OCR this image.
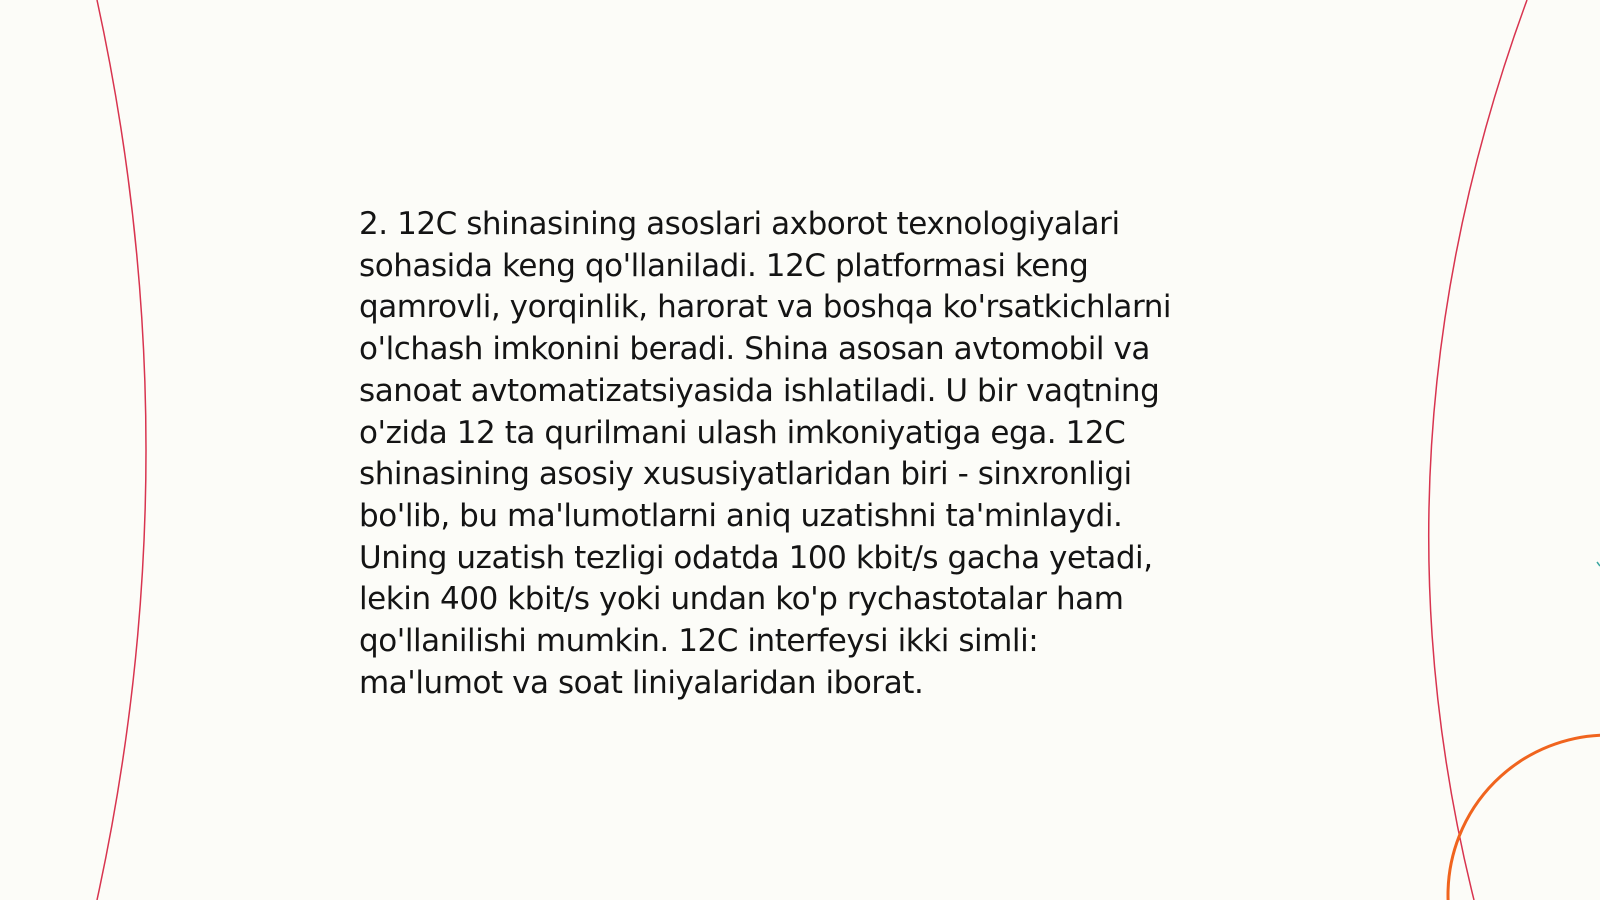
2. 12C shinasining asoslari axborot texnologiyalari
sohasida keng qo'llaniladi. 12C platformasi keng
qamrovli, yorqinlik, harorat va boshqa ko'rsatkichlarni
o'lchash imkonini beradi. Shina asosan avtomobil va
sanoat avtomatizatsiyasida ishlatiladi. U bir vaqtning
o'zida 12 ta qurilmani ulash imkoniyatiga ega. 12C
shinasining asosiy xususiyatlaridan biri - sinxronligi
bo'lib, bu ma'lumotlarni aniq uzatishni ta'minlaydi.
Uning uzatish tezligi odatda 100 kbit/s gacha yetadi,
lekin 400 kbit/s yoki undan ko'p rychastotalar ham
qo'llanilishi mumkin. 12C interfeysi ikki simli:
ma'lumot va soat liniyalaridan iborat.
